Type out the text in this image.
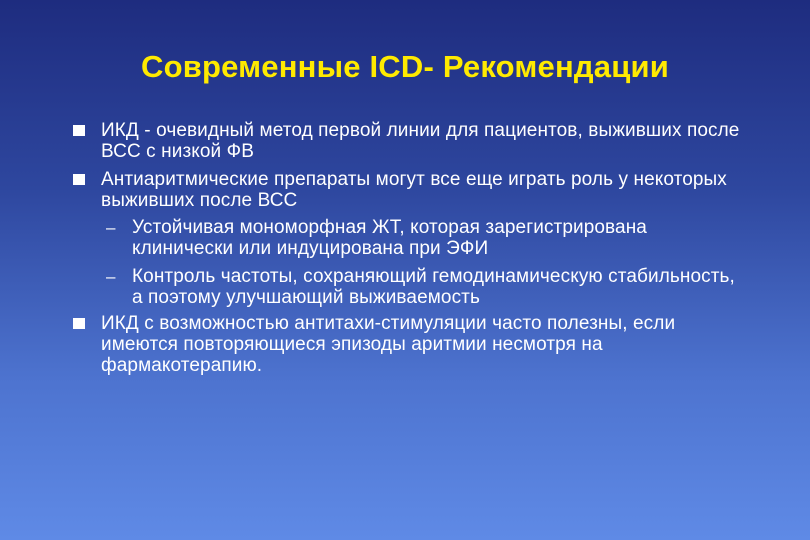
Современные ICD- Рекомендации
ИКД - очевидный метод первой линии для пациентов, выживших после ВСС с низкой ФВ
Антиаритмические препараты могут все еще играть роль у некоторых выживших после ВСС
– Устойчивая мономорфная ЖТ, которая зарегистрирована клинически или индуцирована при ЭФИ
– Контроль частоты, сохраняющий гемодинамическую стабильность, а поэтому улучшающий выживаемость
ИКД с возможностью антитахи-стимуляции часто полезны, если имеются повторяющиеся эпизоды аритмии несмотря на фармакотерапию.
